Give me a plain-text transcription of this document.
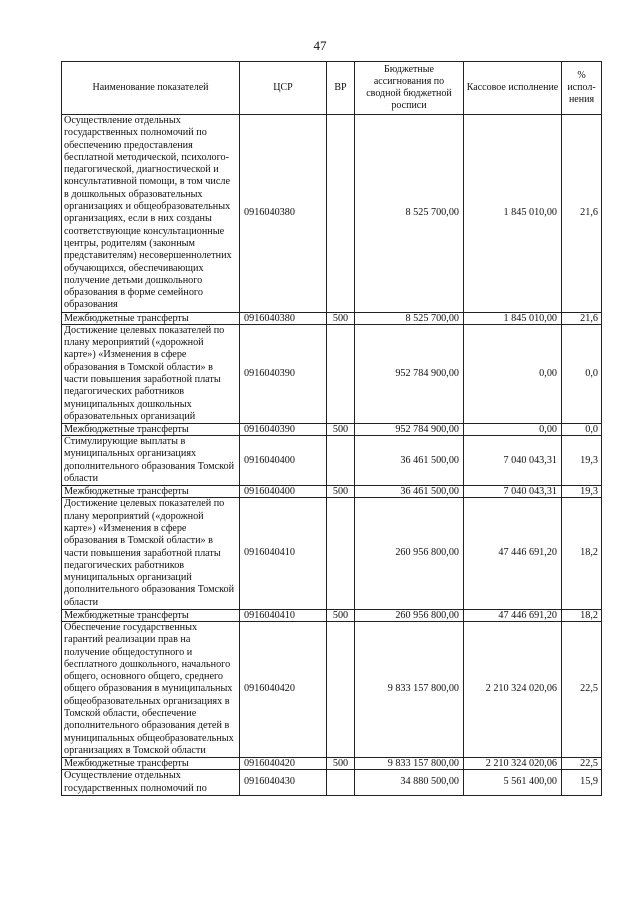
47
Наименование показателей	ЦСР	ВР	Бюджетные ассигнования по сводной бюджетной росписи	Кассовое исполнение	% испол-нения
Осуществление отдельных государственных полномочий по обеспечению предоставления бесплатной методической, психолого-педагогической, диагностической и консультативной помощи, в том числе в дошкольных образовательных организациях и общеобразовательных организациях, если в них созданы соответствующие консультационные центры, родителям (законным представителям) несовершеннолетних обучающихся, обеспечивающих получение детьми дошкольного образования в форме семейного образования	0916040380		8 525 700,00	1 845 010,00	21,6
Межбюджетные трансферты	0916040380	500	8 525 700,00	1 845 010,00	21,6
Достижение целевых показателей по плану мероприятий («дорожной карте») «Изменения в сфере образования в Томской области» в части повышения заработной платы педагогических работников муниципальных дошкольных образовательных организаций	0916040390		952 784 900,00	0,00	0,0
Межбюджетные трансферты	0916040390	500	952 784 900,00	0,00	0,0
Стимулирующие выплаты в муниципальных организациях дополнительного образования Томской области	0916040400		36 461 500,00	7 040 043,31	19,3
Межбюджетные трансферты	0916040400	500	36 461 500,00	7 040 043,31	19,3
Достижение целевых показателей по плану мероприятий («дорожной карте») «Изменения в сфере образования в Томской области» в части повышения заработной платы педагогических работников муниципальных организаций дополнительного образования Томской области	0916040410		260 956 800,00	47 446 691,20	18,2
Межбюджетные трансферты	0916040410	500	260 956 800,00	47 446 691,20	18,2
Обеспечение государственных гарантий реализации прав на получение общедоступного и бесплатного дошкольного, начального общего, основного общего, среднего общего образования в муниципальных общеобразовательных организациях в Томской области, обеспечение дополнительного образования детей в муниципальных общеобразовательных организациях в Томской области	0916040420		9 833 157 800,00	2 210 324 020,06	22,5
Межбюджетные трансферты	0916040420	500	9 833 157 800,00	2 210 324 020,06	22,5
Осуществление отдельных государственных полномочий по	0916040430		34 880 500,00	5 561 400,00	15,9
